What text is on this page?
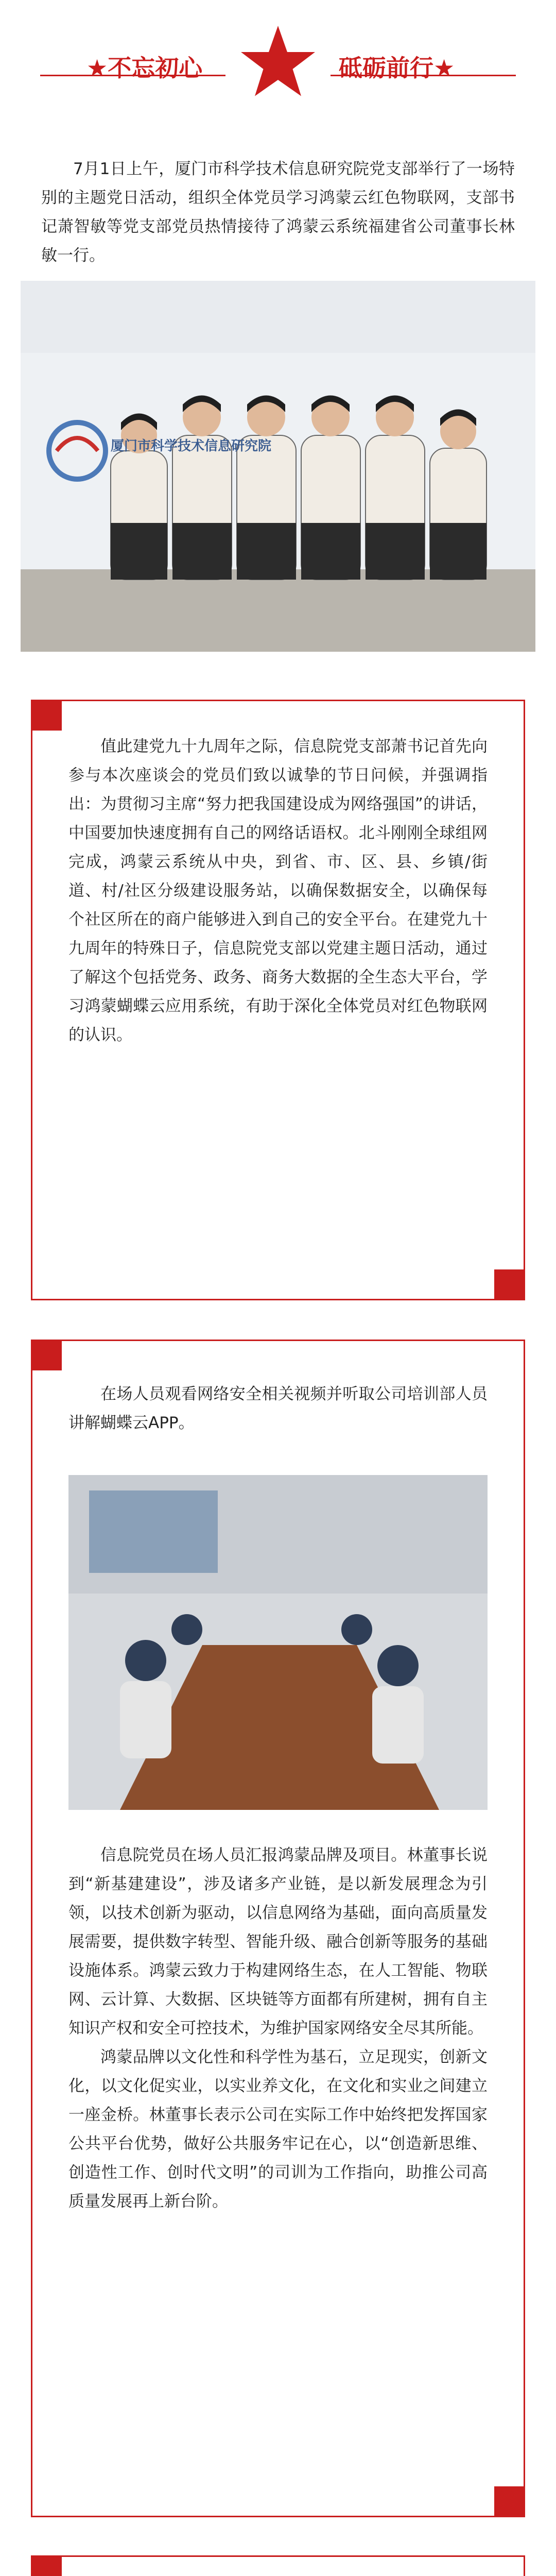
★不忘初心	砥砺前行★

7月1日上午，厦门市科学技术信息研究院党支部举行了一场特别的主题党日活动，组织全体党员学习鸿蒙云红色物联网，支部书记萧智敏等党支部党员热情接待了鸿蒙云系统福建省公司董事长林敏一行。

厦门市科学技术信息研究院

值此建党九十九周年之际，信息院党支部萧书记首先向参与本次座谈会的党员们致以诚挚的节日问候，并强调指出：为贯彻习主席“努力把我国建设成为网络强国”的讲话，中国要加快速度拥有自己的网络话语权。北斗刚刚全球组网完成，鸿蒙云系统从中央，到省、市、区、县、乡镇/街道、村/社区分级建设服务站，以确保数据安全，以确保每个社区所在的商户能够进入到自己的安全平台。在建党九十九周年的特殊日子，信息院党支部以党建主题日活动，通过了解这个包括党务、政务、商务大数据的全生态大平台，学习鸿蒙蝴蝶云应用系统，有助于深化全体党员对红色物联网的认识。

在场人员观看网络安全相关视频并听取公司培训部人员讲解蝴蝶云APP。

信息院党员在场人员汇报鸿蒙品牌及项目。林董事长说到“新基建建设”，涉及诸多产业链，是以新发展理念为引领，以技术创新为驱动，以信息网络为基础，面向高质量发展需要，提供数字转型、智能升级、融合创新等服务的基础设施体系。鸿蒙云致力于构建网络生态，在人工智能、物联网、云计算、大数据、区块链等方面都有所建树，拥有自主知识产权和安全可控技术，为维护国家网络安全尽其所能。

鸿蒙品牌以文化性和科学性为基石，立足现实，创新文化，以文化促实业，以实业养文化，在文化和实业之间建立一座金桥。林董事长表示公司在实际工作中始终把发挥国家公共平台优势，做好公共服务牢记在心，以“创造新思维、创造性工作、创时代文明”的司训为工作指向，助推公司高质量发展再上新台阶。
